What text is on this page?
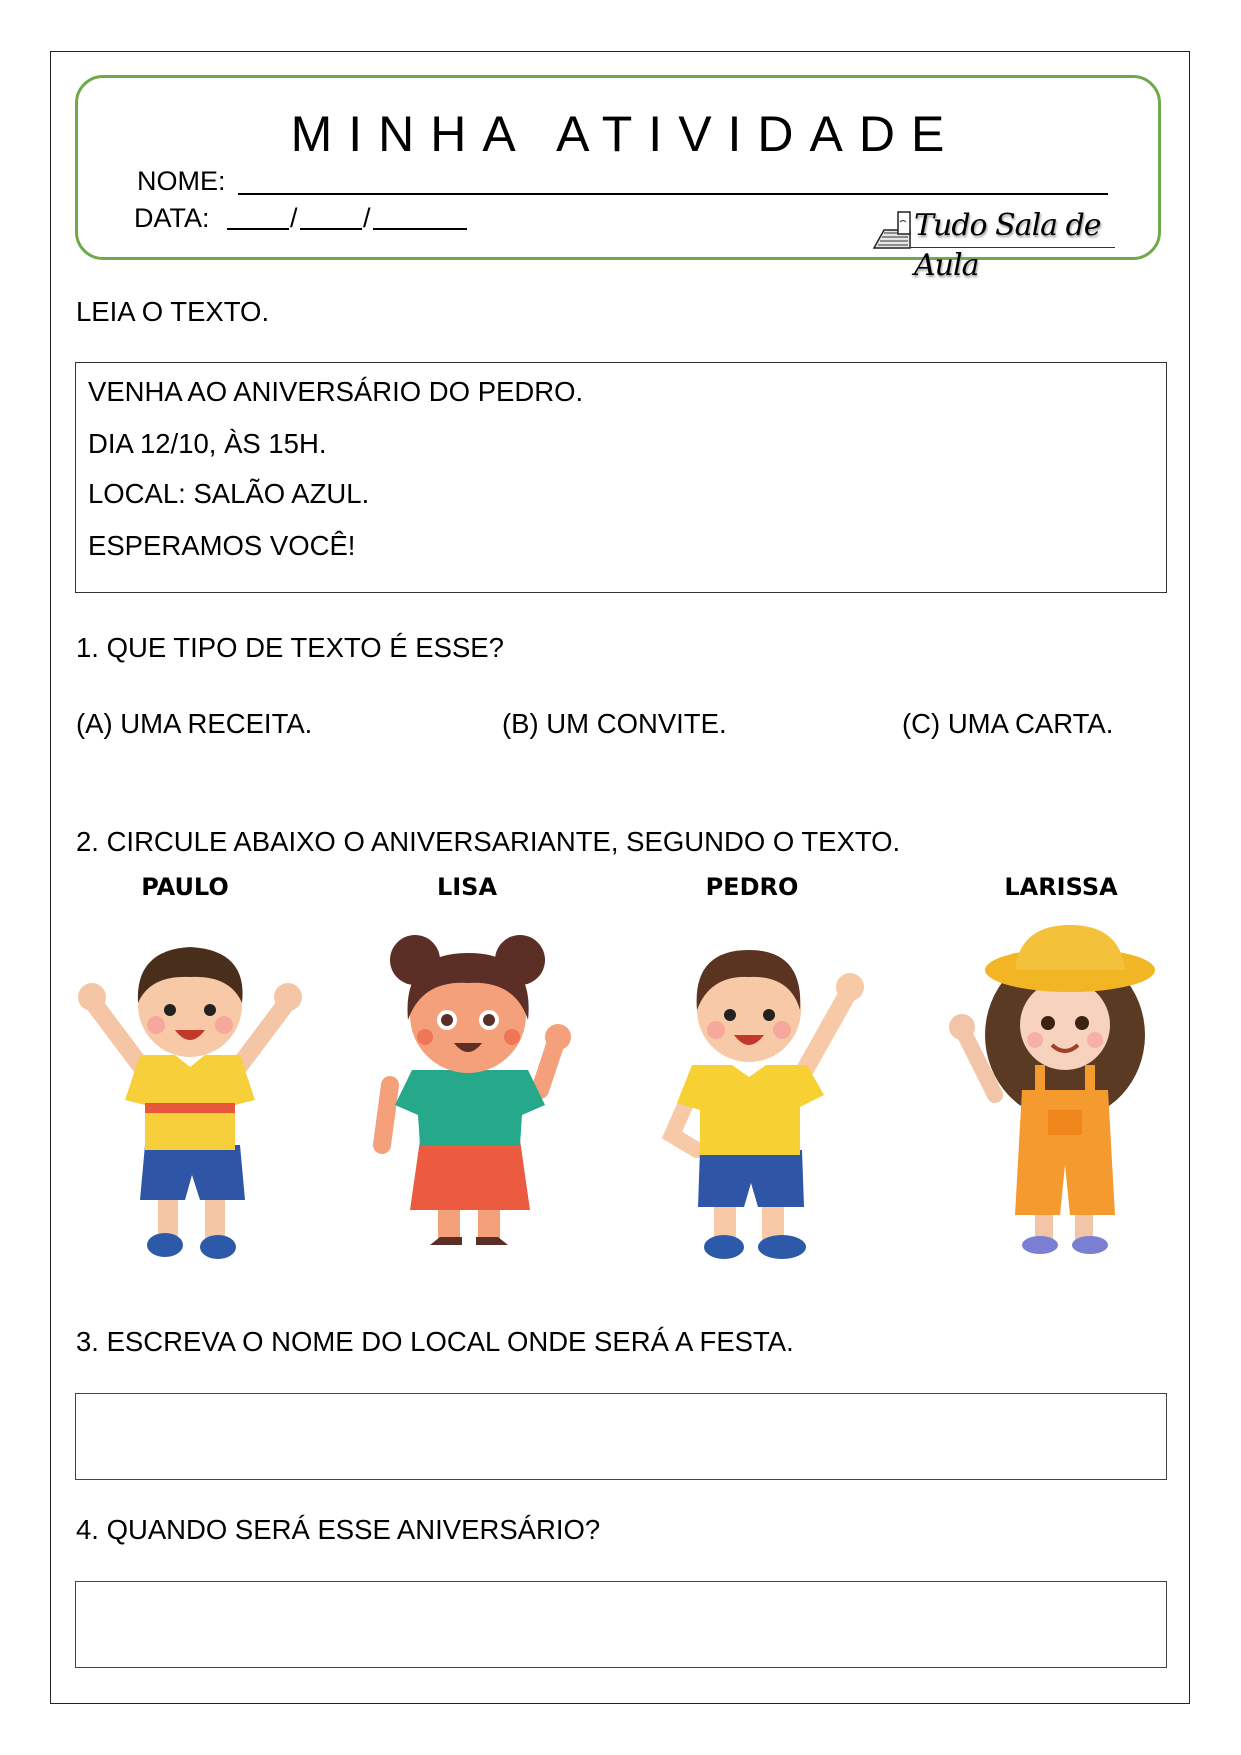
MINHA ATIVIDADE
NOME:
DATA:	/ /	Tudo Sala de Aula
LEIA O TEXTO.
VENHA AO ANIVERSÁRIO DO PEDRO.
DIA 12/10, ÀS 15H.
LOCAL: SALÃO AZUL.
ESPERAMOS VOCÊ!
1. QUE TIPO DE TEXTO É ESSE?
(A) UMA RECEITA.	(B) UM CONVITE.	(C) UMA CARTA.
2. CIRCULE ABAIXO O ANIVERSARIANTE, SEGUNDO O TEXTO.
PAULO	LISA	PEDRO	LARISSA
3. ESCREVA O NOME DO LOCAL ONDE SERÁ A FESTA.
4. QUANDO SERÁ ESSE ANIVERSÁRIO?
